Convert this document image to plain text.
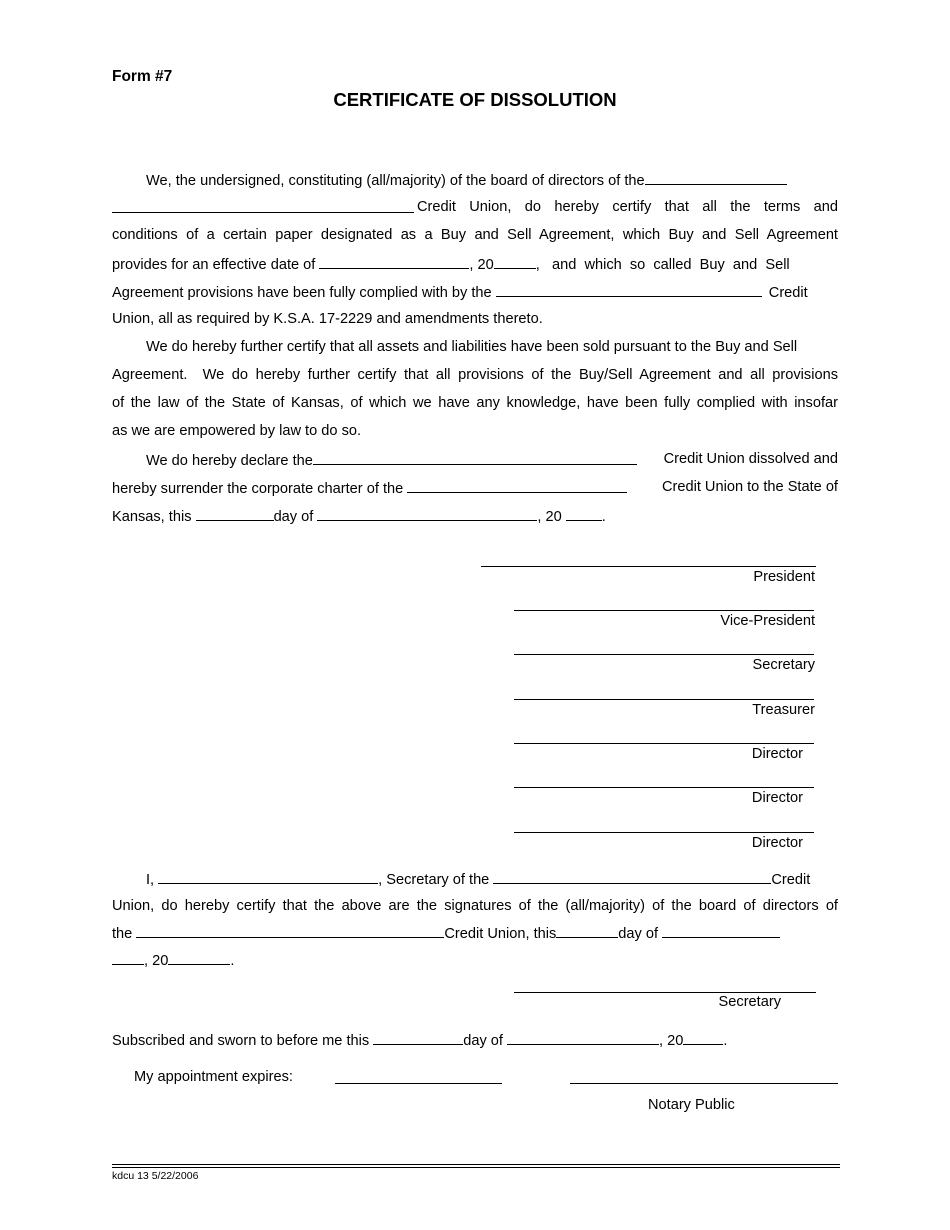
Form #7
CERTIFICATE OF DISSOLUTION
We, the undersigned, constituting (all/majority) of the board of directors of the
Credit Union, do hereby certify that all the terms and
conditions of a certain paper designated as a Buy and Sell Agreement, which Buy and Sell Agreement
provides for an effective date of	, 20	,   and  which  so  called  Buy  and  Sell
Agreement provisions have been fully complied with by the	Credit
Union, all as required by K.S.A. 17-2229 and amendments thereto.
We do hereby further certify that all assets and liabilities have been sold pursuant to the Buy and Sell
Agreement.  We do hereby further certify that all provisions of the Buy/Sell Agreement and all provisions
of the law of the State of Kansas, of which we have any knowledge, have been fully complied with insofar
as we are empowered by law to do so.
We do hereby declare the	Credit Union dissolved and
hereby surrender the corporate charter of the	Credit Union to the State of
Kansas, this	day of	, 20	.
President
Vice-President
Secretary
Treasurer
Director
Director
Director
I,	, Secretary of the	Credit
Union, do hereby certify that the above are the signatures of the (all/majority) of the board of directors of
the	Credit Union, this	day of
, 20	.
Secretary
Subscribed and sworn to before me this	day of	, 20	.
My appointment expires:
Notary Public
kdcu 13 5/22/2006
